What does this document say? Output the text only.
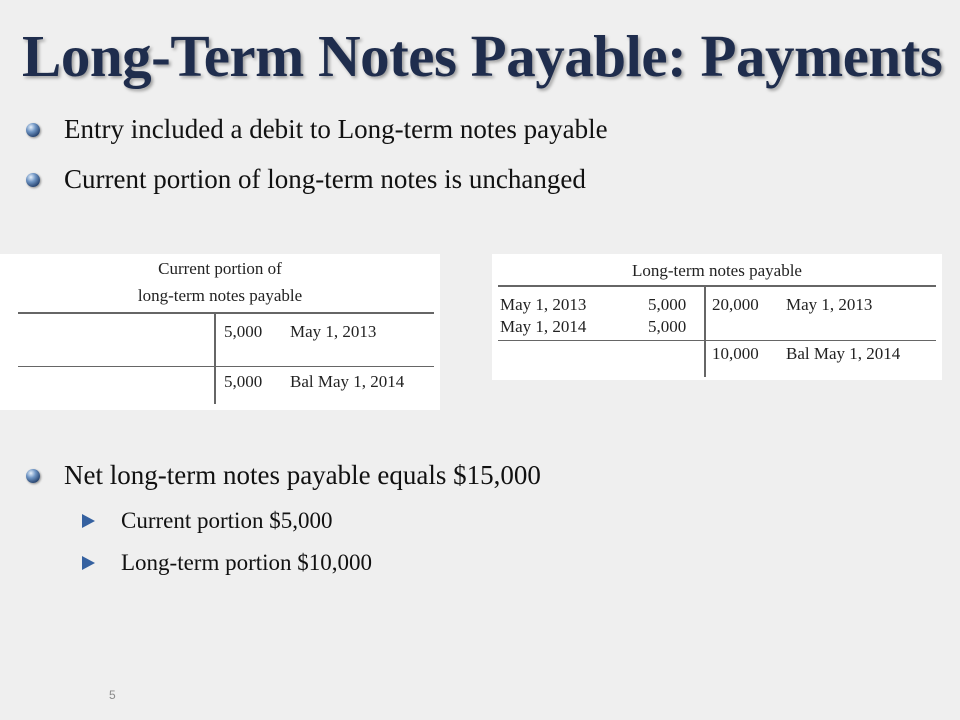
Long-Term Notes Payable: Payments
Entry included a debit to Long-term notes payable
Current portion of long-term notes is unchanged
Current portion of
long-term notes payable
5,000 May 1, 2013
5,000 Bal May 1, 2014
Long-term notes payable
May 1, 2013	5,000
May 1, 2014	5,000
20,000 May 1, 2013
10,000 Bal May 1, 2014
Net long-term notes payable equals $15,000
Current portion $5,000
Long-term portion $10,000
5
